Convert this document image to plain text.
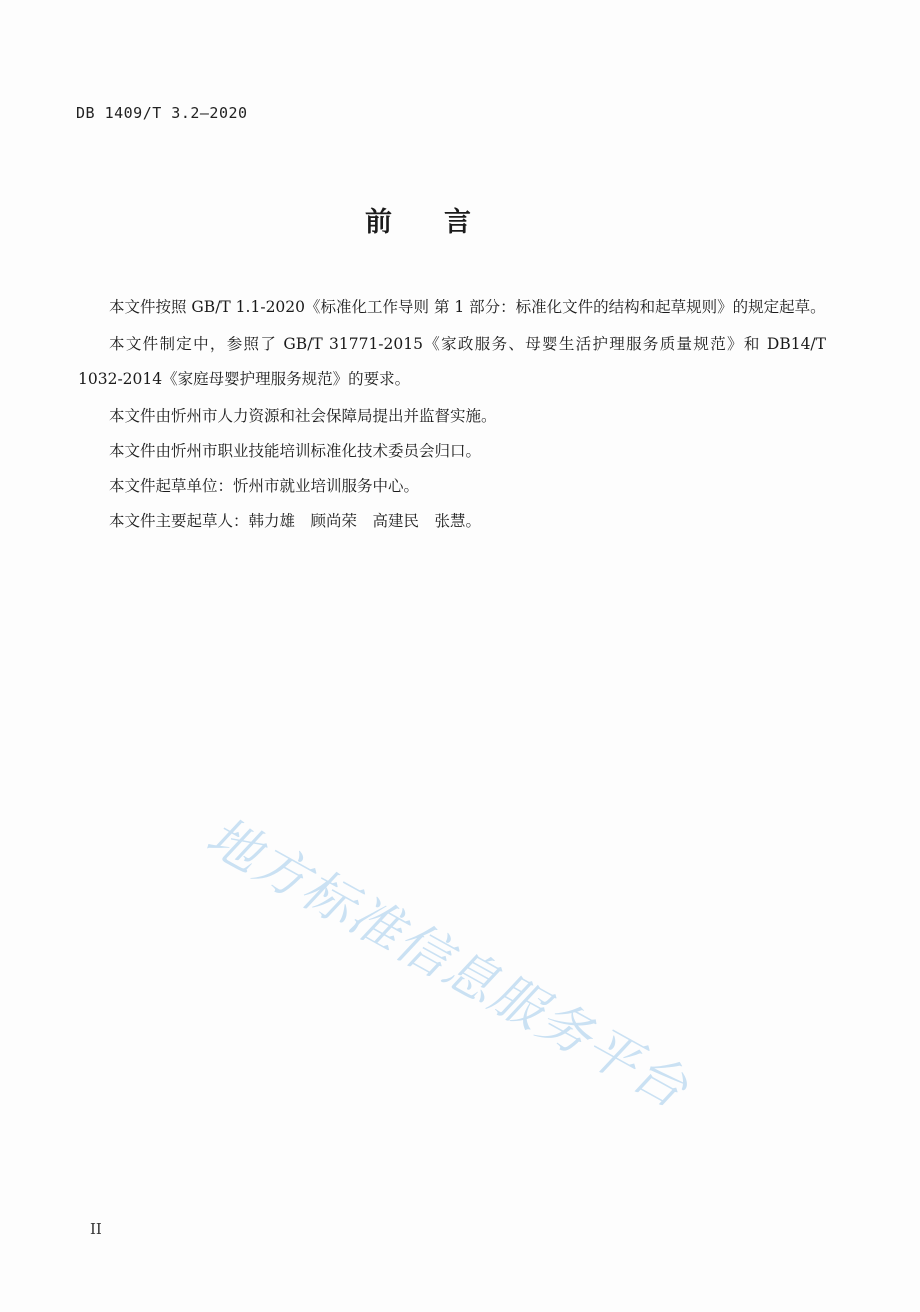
DB 1409/T 3.2—2020
前言

本文件按照 GB/T 1.1-2020《标准化工作导则 第 1 部分：标准化文件的结构和起草规则》的规定起草。

本文件制定中，参照了 GB/T 31771-2015《家政服务、母婴生活护理服务质量规范》和 DB14/T 1032-2014《家庭母婴护理服务规范》的要求。

本文件由忻州市人力资源和社会保障局提出并监督实施。

本文件由忻州市职业技能培训标准化技术委员会归口。

本文件起草单位：忻州市就业培训服务中心。

本文件主要起草人：韩力雄　顾尚荣　高建民　张慧。

地方标准信息服务平台
II
